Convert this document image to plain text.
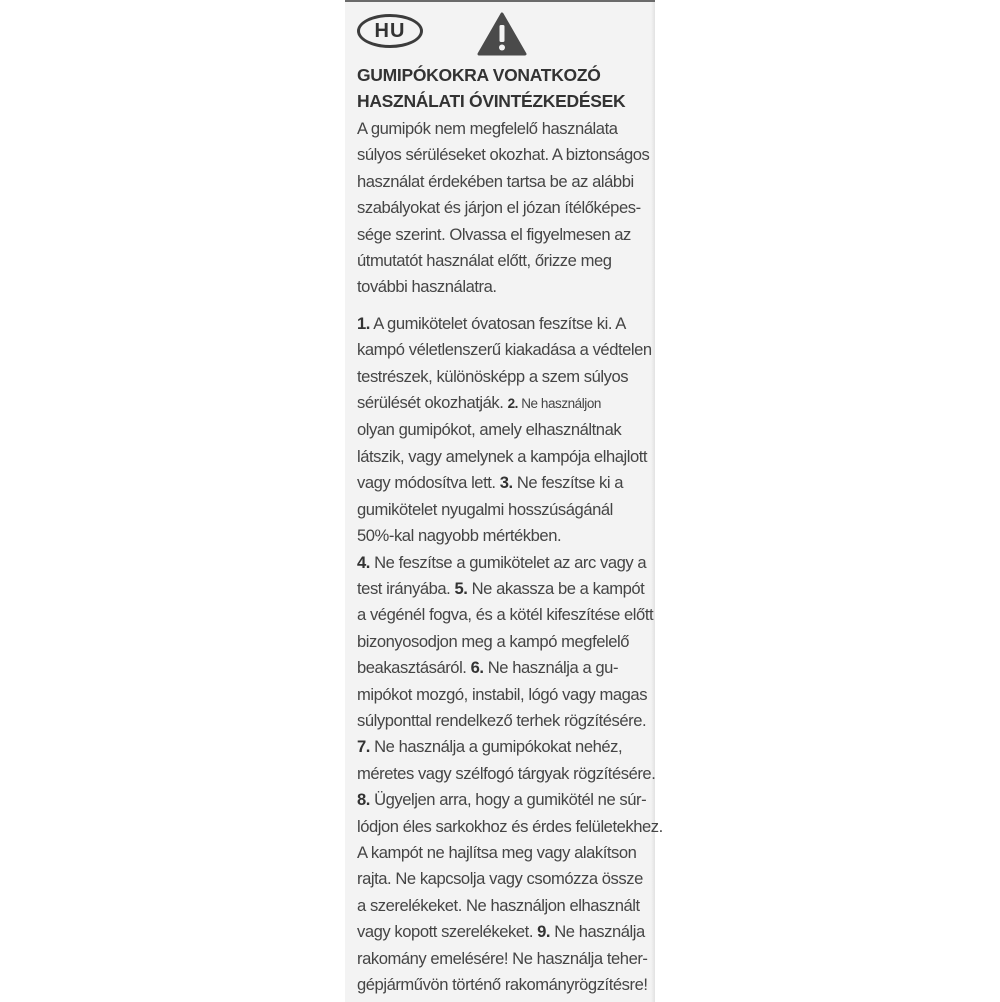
HU
GUMIPÓKOKRA VONATKOZÓ
HASZNÁLATI ÓVINTÉZKEDÉSEK
A gumipók nem megfelelő használata
súlyos sérüléseket okozhat. A biztonságos
használat érdekében tartsa be az alábbi
szabályokat és járjon el józan ítélőképes-
sége szerint. Olvassa el figyelmesen az
útmutatót használat előtt, őrizze meg
további használatra.
1. A gumikötelet óvatosan feszítse ki. A
kampó véletlenszerű kiakadása a védtelen
testrészek, különösképp a szem súlyos
sérülését okozhatják. 2. Ne használjon
olyan gumipókot, amely elhasználtnak
látszik, vagy amelynek a kampója elhajlott
vagy módosítva lett. 3. Ne feszítse ki a
gumikötelet nyugalmi hosszúságánál
50%-kal nagyobb mértékben.
4. Ne feszítse a gumikötelet az arc vagy a
test irányába. 5. Ne akassza be a kampót
a végénél fogva, és a kötél kifeszítése előtt
bizonyosodjon meg a kampó megfelelő
beakasztásáról. 6. Ne használja a gu-
mipókot mozgó, instabil, lógó vagy magas
súlyponttal rendelkező terhek rögzítésére.
7. Ne használja a gumipókokat nehéz,
méretes vagy szélfogó tárgyak rögzítésére.
8. Ügyeljen arra, hogy a gumikötél ne súr-
lódjon éles sarkokhoz és érdes felületekhez.
A kampót ne hajlítsa meg vagy alakítson
rajta. Ne kapcsolja vagy csomózza össze
a szerelékeket. Ne használjon elhasznált
vagy kopott szerelékeket. 9. Ne használja
rakomány emelésére! Ne használja teher-
gépjárművön történő rakományrögzítésre!
